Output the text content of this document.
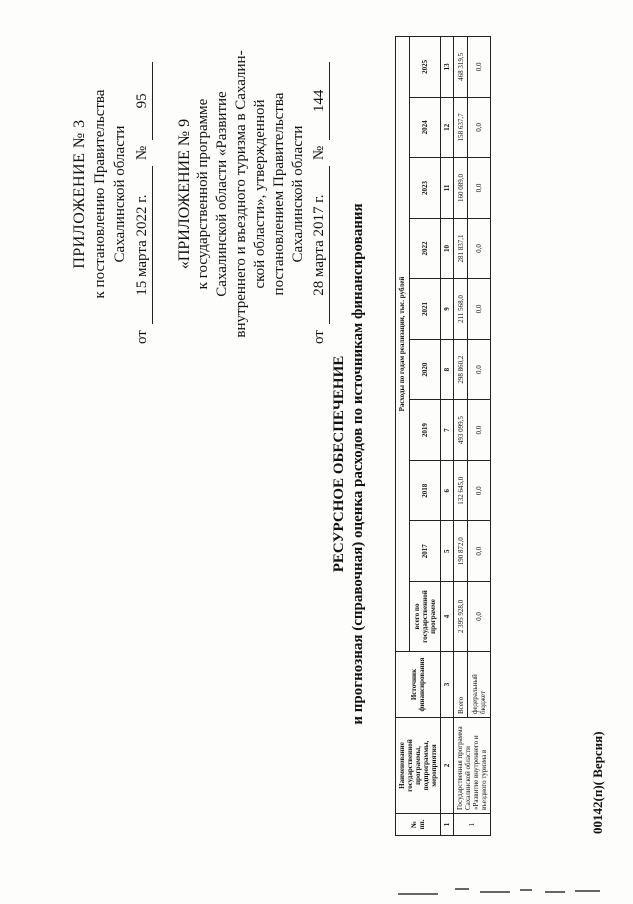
ПРИЛОЖЕНИЕ № 3 к постановлению Правительства Сахалинской области
от
15 марта 2022 г.
№
95
«ПРИЛОЖЕНИЕ № 9 к государственной программе Сахалинской области «Развитие внутреннего и въездного туризма в Сахалин- ской области», утвержденной постановлением Правительства Сахалинской области
от
28 марта 2017 г.
№
144
РЕСУРСНОЕ ОБЕСПЕЧЕНИЕ и прогнозная (справочная) оценка расходов по источникам финансирования
№ пп.	Наименование государственной программы, подпрограммы, мероприятия	Источник финансирования	Расходы по годам реализации, тыс. рублей									
			всего по государственной программе	2017	2018	2019	2020	2021	2022	2023	2024	2025
1	2	3	4	5	6	7	8	9	10	11	12	13
1	Государственная программа Сахалинской области «Развитие внутреннего и въездного туризма в	Всего	2 395 928,0	190 872,0	132 645,0	493 099,5	298 860,2	211 568,0	281 837,1	160 089,0	158 637,7	468 319,5
		федеральный бюджет	0,0	0,0	0,0	0,0	0,0	0,0	0,0	0,0	0,0	0,0
00142(п)( Версия)
